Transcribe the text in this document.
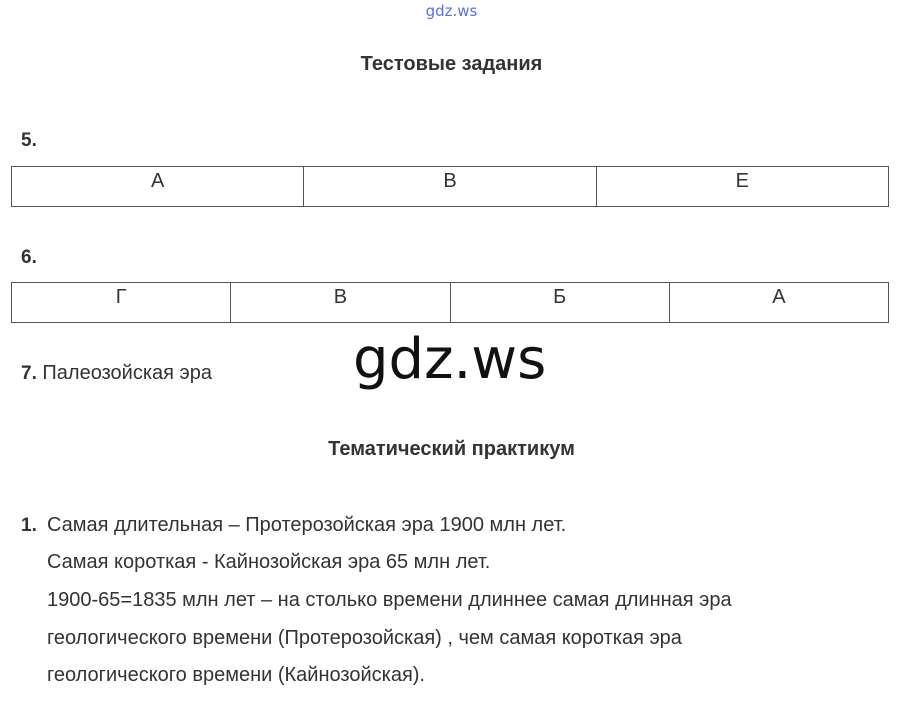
gdz.ws
Тестовые задания
5.
А	В	Е
6.
Г	В	Б	А
gdz.ws
7. Палеозойская эра
Тематический практикум
1. Самая длительная – Протерозойская эра 1900 млн лет.
Самая короткая - Кайнозойская эра 65 млн лет.
1900-65=1835 млн лет – на столько времени длиннее самая длинная эра
геологического времени (Протерозойская) , чем самая короткая эра
геологического времени (Кайнозойская).
